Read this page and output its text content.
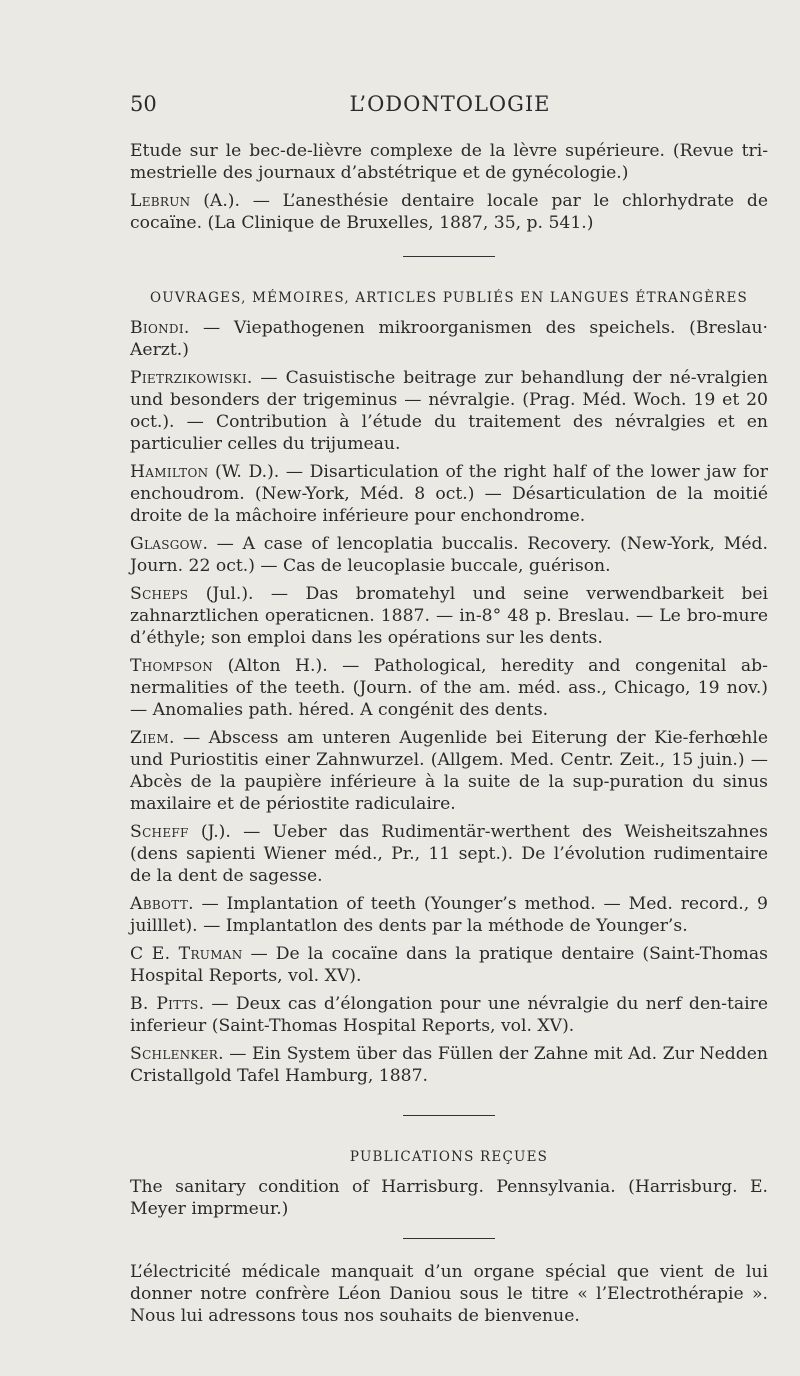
50	L’ODONTOLOGIE

Etude sur le bec-de-lièvre complexe de la lèvre supérieure. (Revue tri-mestrielle des journaux d’abstétrique et de gynécologie.)

Lebrun (A.). — L’anesthésie dentaire locale par le chlorhydrate de cocaïne. (La Clinique de Bruxelles, 1887, 35, p. 541.)

OUVRAGES, MÉMOIRES, ARTICLES PUBLIÉS EN LANGUES ÉTRANGÈRES

Biondi. — Viepathogenen mikroorganismen des speichels. (Breslau· Aerzt.)

Pietrzikowiski. — Casuistische beitrage zur behandlung der né-vralgien und besonders der trigeminus — névralgie. (Prag. Méd. Woch. 19 et 20 oct.). — Contribution à l’étude du traitement des névralgies et en particulier celles du trijumeau.

Hamilton (W. D.). — Disarticulation of the right half of the lower jaw for enchoudrom. (New-York, Méd. 8 oct.) — Désarticulation de la moitié droite de la mâchoire inférieure pour enchondrome.

Glasgow. — A case of lencoplatia buccalis. Recovery. (New-York, Méd. Journ. 22 oct.) — Cas de leucoplasie buccale, guérison.

Scheps (Jul.). — Das bromatehyl und seine verwendbarkeit bei zahnarztlichen operaticnen. 1887. — in-8° 48 p. Breslau. — Le bro-mure d’éthyle; son emploi dans les opérations sur les dents.

Thompson (Alton H.). — Pathological, heredity and congenital ab-nermalities of the teeth. (Journ. of the am. méd. ass., Chicago, 19 nov.) — Anomalies path. héred. A congénit des dents.

Ziem. — Abscess am unteren Augenlide bei Eiterung der Kie-ferhœhle und Puriostitis einer Zahnwurzel. (Allgem. Med. Centr. Zeit., 15 juin.) — Abcès de la paupière inférieure à la suite de la sup-puration du sinus maxilaire et de périostite radiculaire.

Scheff (J.). — Ueber das Rudimentär-werthent des Weisheitszahnes (dens sapienti Wiener méd., Pr., 11 sept.). De l’évolution rudimentaire de la dent de sagesse.

Abbott. — Implantation of teeth (Younger’s method. — Med. record., 9 juilllet). — Implantatlon des dents par la méthode de Younger’s.

C E. Truman — De la cocaïne dans la pratique dentaire (Saint-Thomas Hospital Reports, vol. XV).

B. Pitts. — Deux cas d’élongation pour une névralgie du nerf den-taire inferieur (Saint-Thomas Hospital Reports, vol. XV).

Schlenker. — Ein System über das Füllen der Zahne mit Ad. Zur Nedden Cristallgold Tafel Hamburg, 1887.

PUBLICATIONS REÇUES

The sanitary condition of Harrisburg. Pennsylvania. (Harrisburg. E. Meyer imprmeur.)

L’électricité médicale manquait d’un organe spécial que vient de lui donner notre confrère Léon Daniou sous le titre « l’Electrothérapie ». Nous lui adressons tous nos souhaits de bienvenue.
